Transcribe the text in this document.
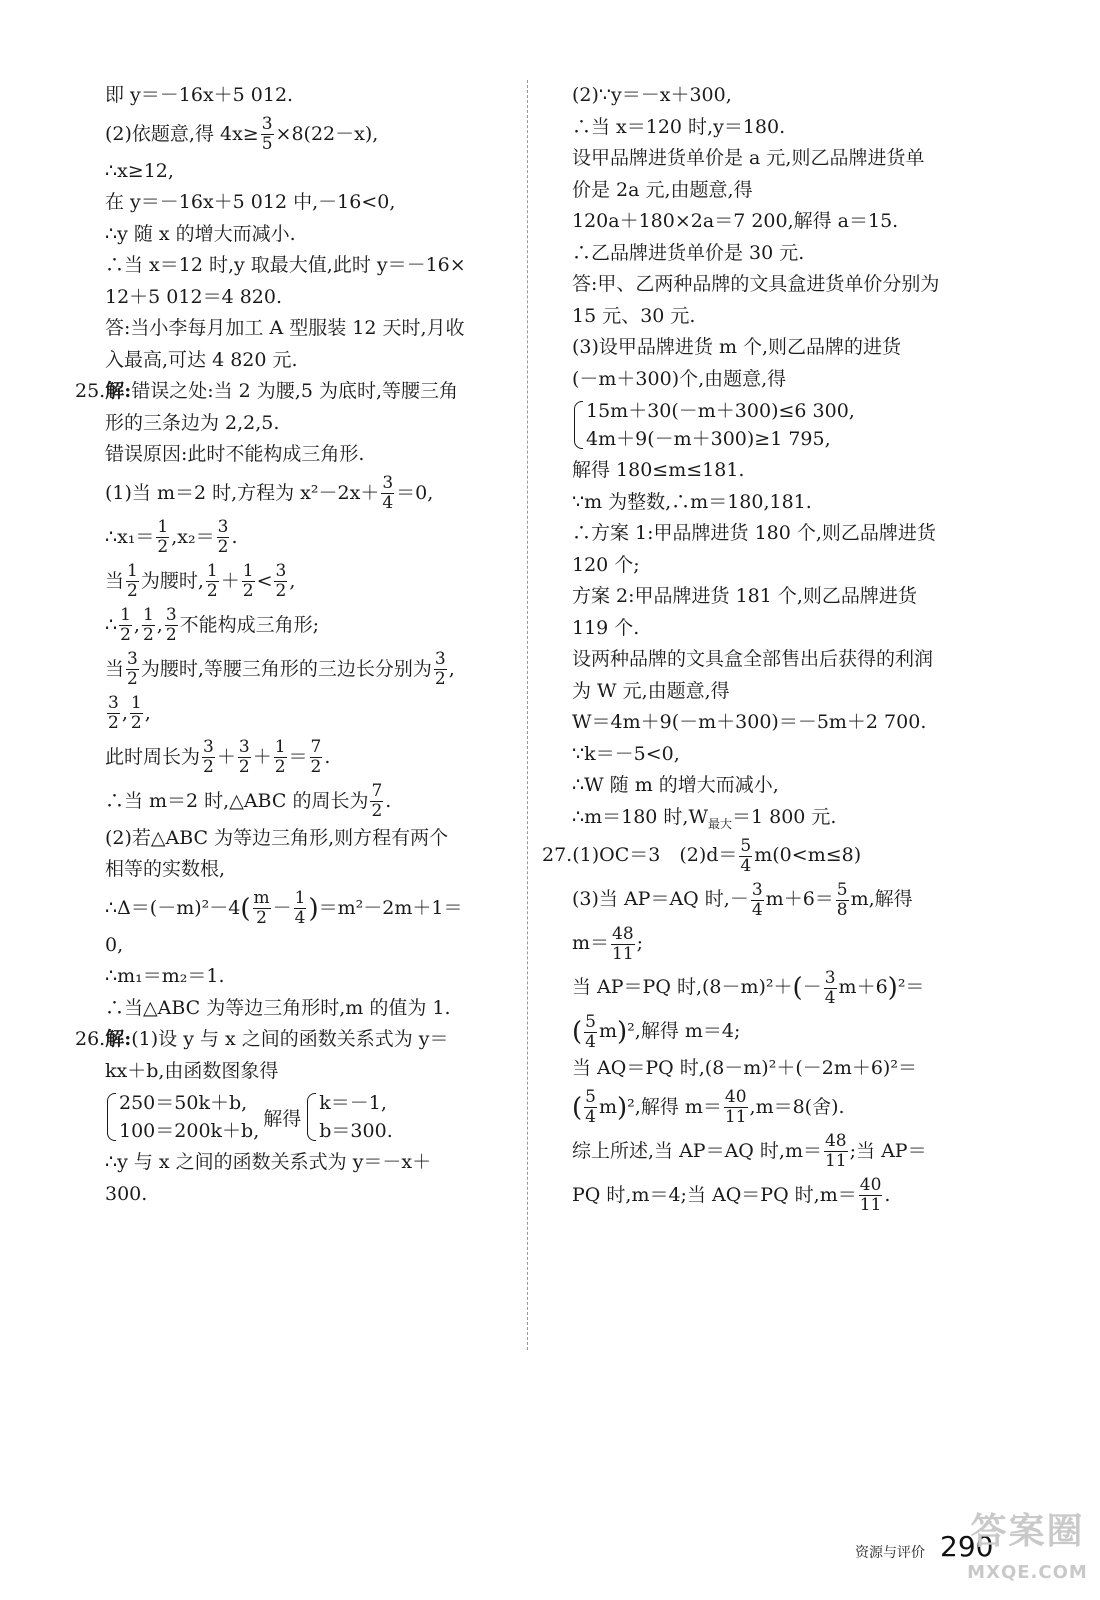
即 y＝－16x＋5 012.
(2)依题意,得 $4x\ge \frac{3}{5} \times 8(22-x)$,
∴x≥12,
在 y＝－16x＋5 012 中,－16<0,
∴y 随 x 的增大而减小.
∴当 x＝12 时,y 取最大值,此时 y＝－16×
12＋5 012＝4 820.
答:当小李每月加工 A 型服装 12 天时,月收
入最高,可达 4 820 元.
25.解:错误之处:当 2 为腰,5 为底时,等腰三角
形的三条边为 2,2,5.
错误原因:此时不能构成三角形.
(1)当 m＝2 时,方程为 $x^2-2x+ \frac{3}{4} =0$,
∴x₁＝ $\frac{1}{2} ,x_2= \frac{3}{2}$ .
当 $\frac{1}{2}$ 为腰时, $\frac{1}{2} + \frac{1}{2} < \frac{3}{2}$ ,
∴ $\frac{1}{2}$ , $\frac{1}{2}$ , $\frac{3}{2}$ 不能构成三角形;
当 $\frac{3}{2}$ 为腰时,等腰三角形的三边长分别为 $\frac{3}{2}$ ,
$\frac{3}{2}$ , $\frac{1}{2}$ ,
此时周长为 $\frac{3}{2} + \frac{3}{2} + \frac{1}{2} = \frac{7}{2}$ .
∴当 m＝2 时,△ABC 的周长为 $\frac{7}{2}$ .
(2)若△ABC 为等边三角形,则方程有两个
相等的实数根,
∴Δ＝(－m)²－4( $\frac{m}{2} - \frac{1}{4} )=m^2-2m+1=$
0,
∴m₁＝m₂＝1.
∴当△ABC 为等边三角形时,m 的值为 1.
26.解:(1)设 y 与 x 之间的函数关系式为 y＝
kx＋b,由函数图象得
250＝50k＋b,
100＝200k＋b,
解得
k＝－1,
b＝300.
∴y 与 x 之间的函数关系式为 y＝－x＋
300.
(2)∵y＝－x＋300,
∴当 x＝120 时,y＝180.
设甲品牌进货单价是 a 元,则乙品牌进货单
价是 2a 元,由题意,得
120a＋180×2a＝7 200,解得 a＝15.
∴乙品牌进货单价是 30 元.
答:甲、乙两种品牌的文具盒进货单价分别为
15 元、30 元.
(3)设甲品牌进货 m 个,则乙品牌的进货
(－m＋300)个,由题意,得
15m＋30(－m＋300)≤6 300,
4m＋9(－m＋300)≥1 795,
解得 180≤m≤181.
∵m 为整数,∴m＝180,181.
∴方案 1:甲品牌进货 180 个,则乙品牌进货
120 个;
方案 2:甲品牌进货 181 个,则乙品牌进货
119 个.
设两种品牌的文具盒全部售出后获得的利润
为 W 元,由题意,得
W＝4m＋9(－m＋300)＝－5m＋2 700.
∵k＝－5<0,
∴W 随 m 的增大而减小,
∴m＝180 时$,W_{最大}=1$ 800 元.
27.(1)OC＝3　$(2)d= \frac{5}{4} m(0<m\le 8)$
(3)当 AP＝AQ 时,－ $\frac{3}{4} m+6= \frac{5}{8} m$,解得
$m= \frac{48}{11}$ ;
当 AP＝PQ 时$,(8-m)^2+(- \frac{3}{4} m+6)^2=$
( $\frac{5}{4} m)^2$,解得 m＝4;
当 AQ＝PQ 时,(8－m)²＋(－2m＋6)²＝
( $\frac{5}{4} m)^2$,解得 $m= \frac{40}{11} ,m=8$(舍).
综上所述,当 AP＝AQ 时$,m= \frac{48}{11}$ ;当 AP＝
PQ 时,m＝4;当 AQ＝PQ 时$,m= \frac{40}{11}$ .
资源与评价 290
答案圈
MXQE.COM
